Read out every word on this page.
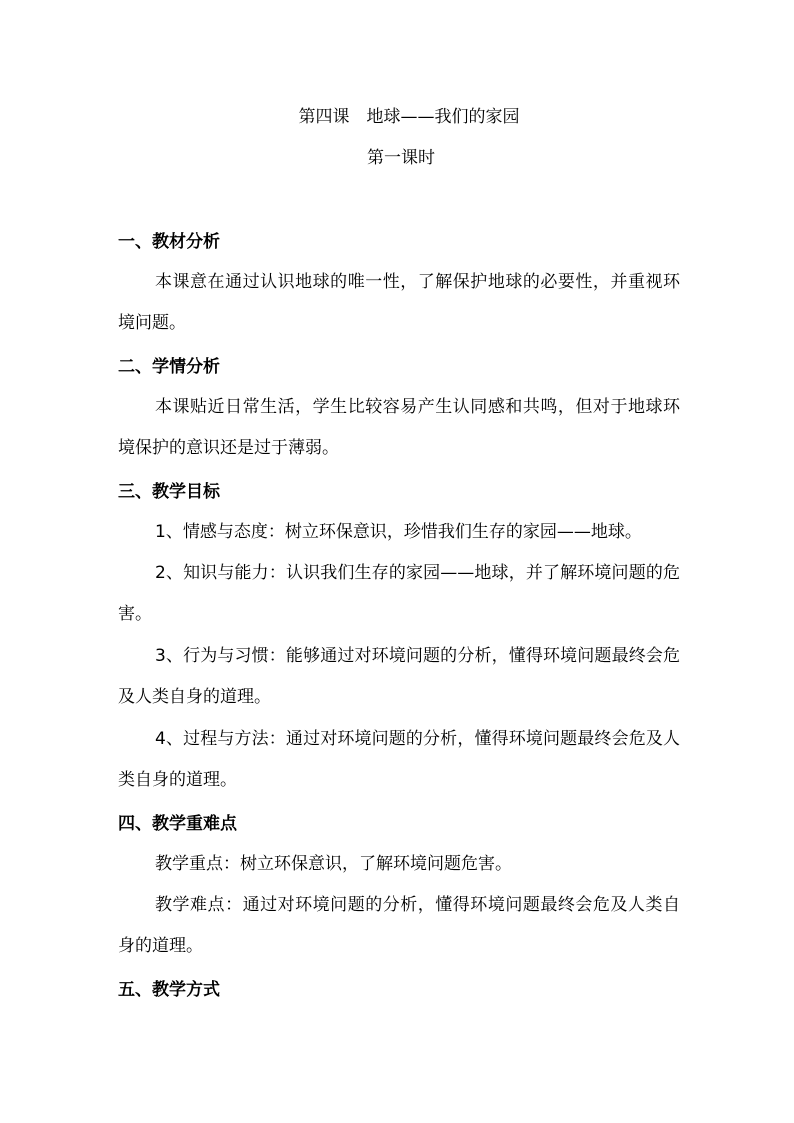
第四课　地球——我们的家园
第一课时
一、教材分析
本课意在通过认识地球的唯一性，了解保护地球的必要性，并重视环境问题。
二、学情分析
本课贴近日常生活，学生比较容易产生认同感和共鸣，但对于地球环境保护的意识还是过于薄弱。
三、教学目标
1、情感与态度：树立环保意识，珍惜我们生存的家园——地球。
2、知识与能力：认识我们生存的家园——地球，并了解环境问题的危害。
3、行为与习惯：能够通过对环境问题的分析，懂得环境问题最终会危及人类自身的道理。
4、过程与方法：通过对环境问题的分析，懂得环境问题最终会危及人类自身的道理。
四、教学重难点
教学重点：树立环保意识，了解环境问题危害。
教学难点：通过对环境问题的分析，懂得环境问题最终会危及人类自身的道理。
五、教学方式
